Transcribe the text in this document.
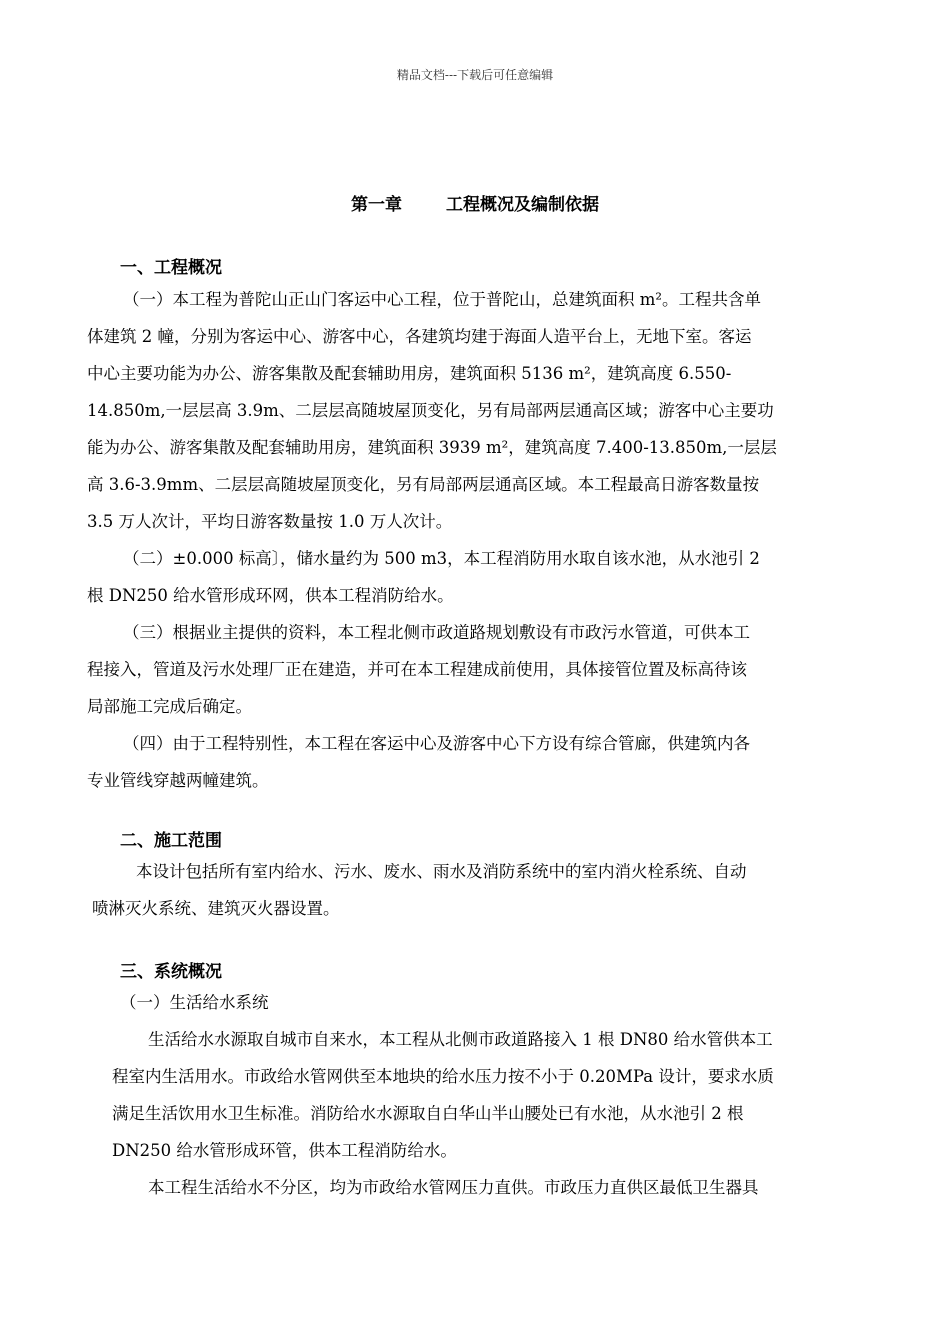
精品文档---下载后可任意编辑
第一章	工程概况及编制依据
一、工程概况
（一）本工程为普陀山正山门客运中心工程，位于普陀山，总建筑面积 m²。工程共含单
体建筑 2 幢，分别为客运中心、游客中心，各建筑均建于海面人造平台上，无地下室。客运
中心主要功能为办公、游客集散及配套辅助用房，建筑面积 5136 m²，建筑高度 6.550-
14.850m,一层层高 3.9m、二层层高随坡屋顶变化，另有局部两层通高区域；游客中心主要功
能为办公、游客集散及配套辅助用房，建筑面积 3939 m²，建筑高度 7.400-13.850m,一层层
高 3.6-3.9mm、二层层高随坡屋顶变化，另有局部两层通高区域。本工程最高日游客数量按
3.5 万人次计，平均日游客数量按 1.0 万人次计。
（二）±0.000 标高〕，储水量约为 500 m3，本工程消防用水取自该水池，从水池引 2
根 DN250 给水管形成环网，供本工程消防给水。
（三）根据业主提供的资料，本工程北侧市政道路规划敷设有市政污水管道，可供本工
程接入，管道及污水处理厂正在建造，并可在本工程建成前使用，具体接管位置及标高待该
局部施工完成后确定。
（四）由于工程特别性，本工程在客运中心及游客中心下方设有综合管廊，供建筑内各
专业管线穿越两幢建筑。
二、施工范围
本设计包括所有室内给水、污水、废水、雨水及消防系统中的室内消火栓系统、自动
喷淋灭火系统、建筑灭火器设置。
三、系统概况
（一）生活给水系统
生活给水水源取自城市自来水，本工程从北侧市政道路接入 1 根 DN80 给水管供本工
程室内生活用水。市政给水管网供至本地块的给水压力按不小于 0.20MPa 设计，要求水质
满足生活饮用水卫生标准。消防给水水源取自白华山半山腰处已有水池，从水池引 2 根
DN250 给水管形成环管，供本工程消防给水。
本工程生活给水不分区，均为市政给水管网压力直供。市政压力直供区最低卫生器具
